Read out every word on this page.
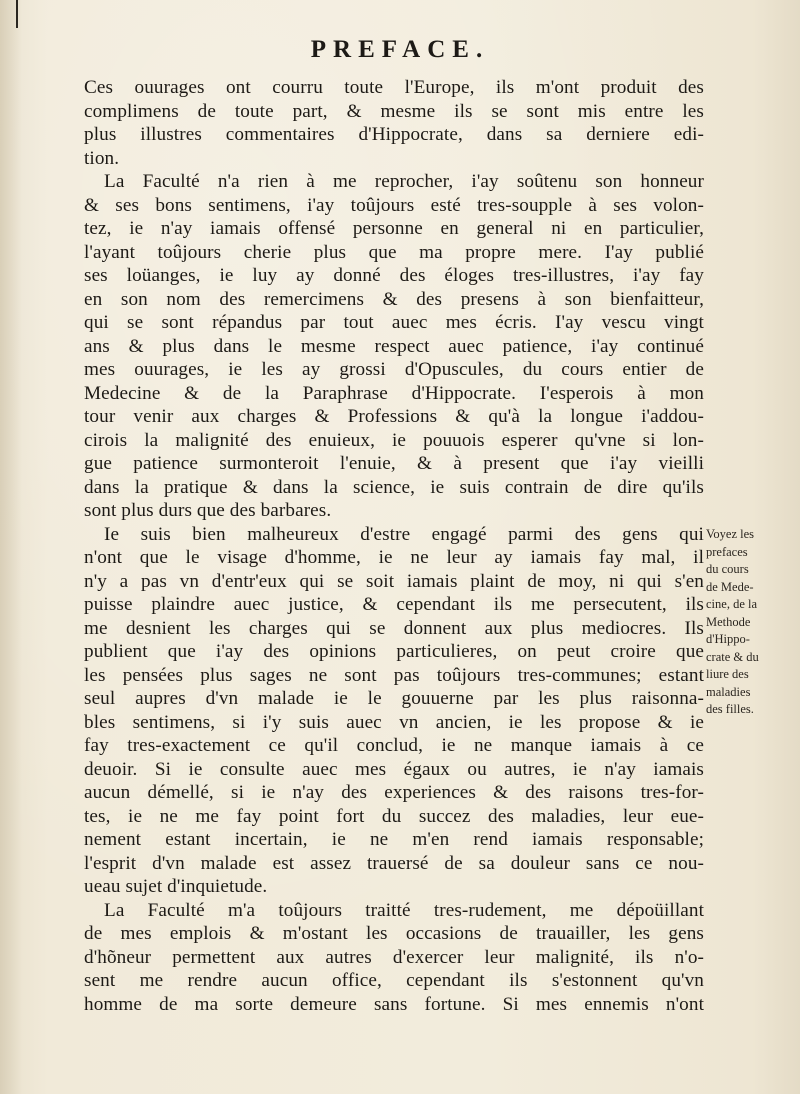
PREFACE.
Ces ouurages ont courru toute l'Europe, ils m'ont produit des
complimens de toute part, & mesme ils se sont mis entre les
plus illustres commentaires d'Hippocrate, dans sa derniere edi-
tion.
La Faculté n'a rien à me reprocher, i'ay soûtenu son honneur
& ses bons sentimens, i'ay toûjours esté tres-soupple à ses volon-
tez, ie n'ay iamais offensé personne en general ni en particulier,
l'ayant toûjours cherie plus que ma propre mere. I'ay publié
ses loüanges, ie luy ay donné des éloges tres-illustres, i'ay fay
en son nom des remercimens & des presens à son bienfaitteur,
qui se sont répandus par tout auec mes écris. I'ay vescu vingt
ans & plus dans le mesme respect auec patience, i'ay continué
mes ouurages, ie les ay grossi d'Opuscules, du cours entier de
Medecine & de la Paraphrase d'Hippocrate. I'esperois à mon
tour venir aux charges & Professions & qu'à la longue i'addou-
cirois la malignité des enuieux, ie pouuois esperer qu'vne si lon-
gue patience surmonteroit l'enuie, & à present que i'ay vieilli
dans la pratique & dans la science, ie suis contrain de dire qu'ils
sont plus durs que des barbares.
Ie suis bien malheureux d'estre engagé parmi des gens qui
n'ont que le visage d'homme, ie ne leur ay iamais fay mal, il
n'y a pas vn d'entr'eux qui se soit iamais plaint de moy, ni qui s'en
puisse plaindre auec justice, & cependant ils me persecutent, ils
me desnient les charges qui se donnent aux plus mediocres. Ils
publient que i'ay des opinions particulieres, on peut croire que
les pensées plus sages ne sont pas toûjours tres-communes; estant
seul aupres d'vn malade ie le gouuerne par les plus raisonna-
bles sentimens, si i'y suis auec vn ancien, ie les propose & ie
fay tres-exactement ce qu'il conclud, ie ne manque iamais à ce
deuoir. Si ie consulte auec mes égaux ou autres, ie n'ay iamais
aucun démellé, si ie n'ay des experiences & des raisons tres-for-
tes, ie ne me fay point fort du succez des maladies, leur eue-
nement estant incertain, ie ne m'en rend iamais responsable;
l'esprit d'vn malade est assez trauersé de sa douleur sans ce nou-
ueau sujet d'inquietude.
La Faculté m'a toûjours traitté tres-rudement, me dépoüillant
de mes emplois & m'ostant les occasions de trauailler, les gens
d'hõneur permettent aux autres d'exercer leur malignité, ils n'o-
sent me rendre aucun office, cependant ils s'estonnent qu'vn
homme de ma sorte demeure sans fortune. Si mes ennemis n'ont
Voyez les
prefaces
du cours
de Mede-
cine, de la
Methode
d'Hippo-
crate & du
liure des
maladies
des filles.
